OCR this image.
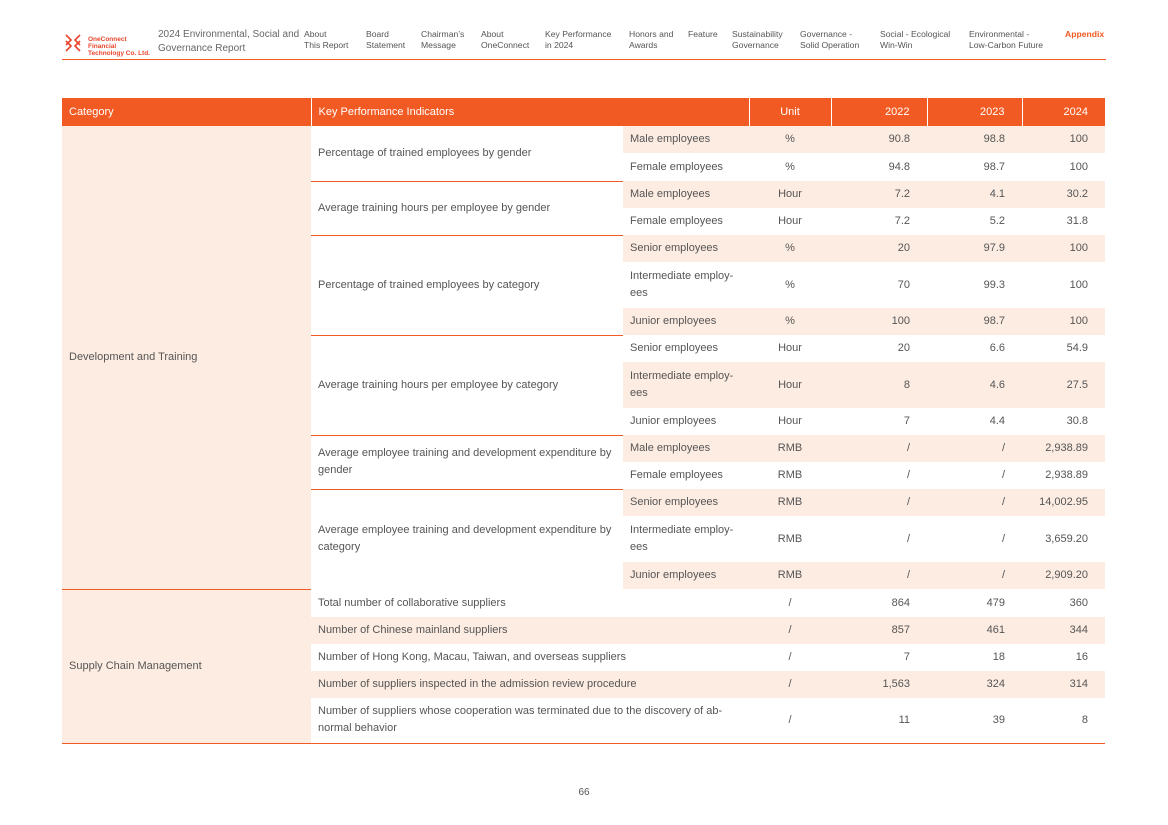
OneConnect Financial Technology Co. Ltd.
2024 Environmental, Social and Governance Report
About
This Report
Board
Statement
Chairman’s
Message
About
OneConnect
Key Performance
in 2024
Honors and
Awards
Feature Sustainability
Governance
Governance -
Solid Operation
Social - Ecological
Win-Win
Environmental -
Low-Carbon Future
Appendix
Category	Key Performance Indicators		Unit	2022	2023	2024
Development and Training	Percentage of trained employees by gender	Male employees	%	90.8	98.8	100
		Female employees	%	94.8	98.7	100
	Average training hours per employee by gender	Male employees	Hour	7.2	4.1	30.2
		Female employees	Hour	7.2	5.2	31.8
	Percentage of trained employees by category	Senior employees	%	20	97.9	100
		Intermediate employ-
ees	%	70	99.3	100
		Junior employees	%	100	98.7	100
	Average training hours per employee by category	Senior employees	Hour	20	6.6	54.9
		Intermediate employ-
ees	Hour	8	4.6	27.5
		Junior employees	Hour	7	4.4	30.8
	Average employee training and development expenditure by gender	Male employees	RMB	/	/	2,938.89
		Female employees	RMB	/	/	2,938.89
	Average employee training and development expenditure by category	Senior employees	RMB	/	/	14,002.95
		Intermediate employ-
ees	RMB	/	/	3,659.20
		Junior employees	RMB	/	/	2,909.20
Supply Chain Management	Total number of collaborative suppliers		/	864	479	360
	Number of Chinese mainland suppliers		/	857	461	344
	Number of Hong Kong, Macau, Taiwan, and overseas suppliers		/	7	18	16
	Number of suppliers inspected in the admission review procedure		/	1,563	324	314
	Number of suppliers whose cooperation was terminated due to the discovery of ab-
normal behavior		/	11	39	8
66
